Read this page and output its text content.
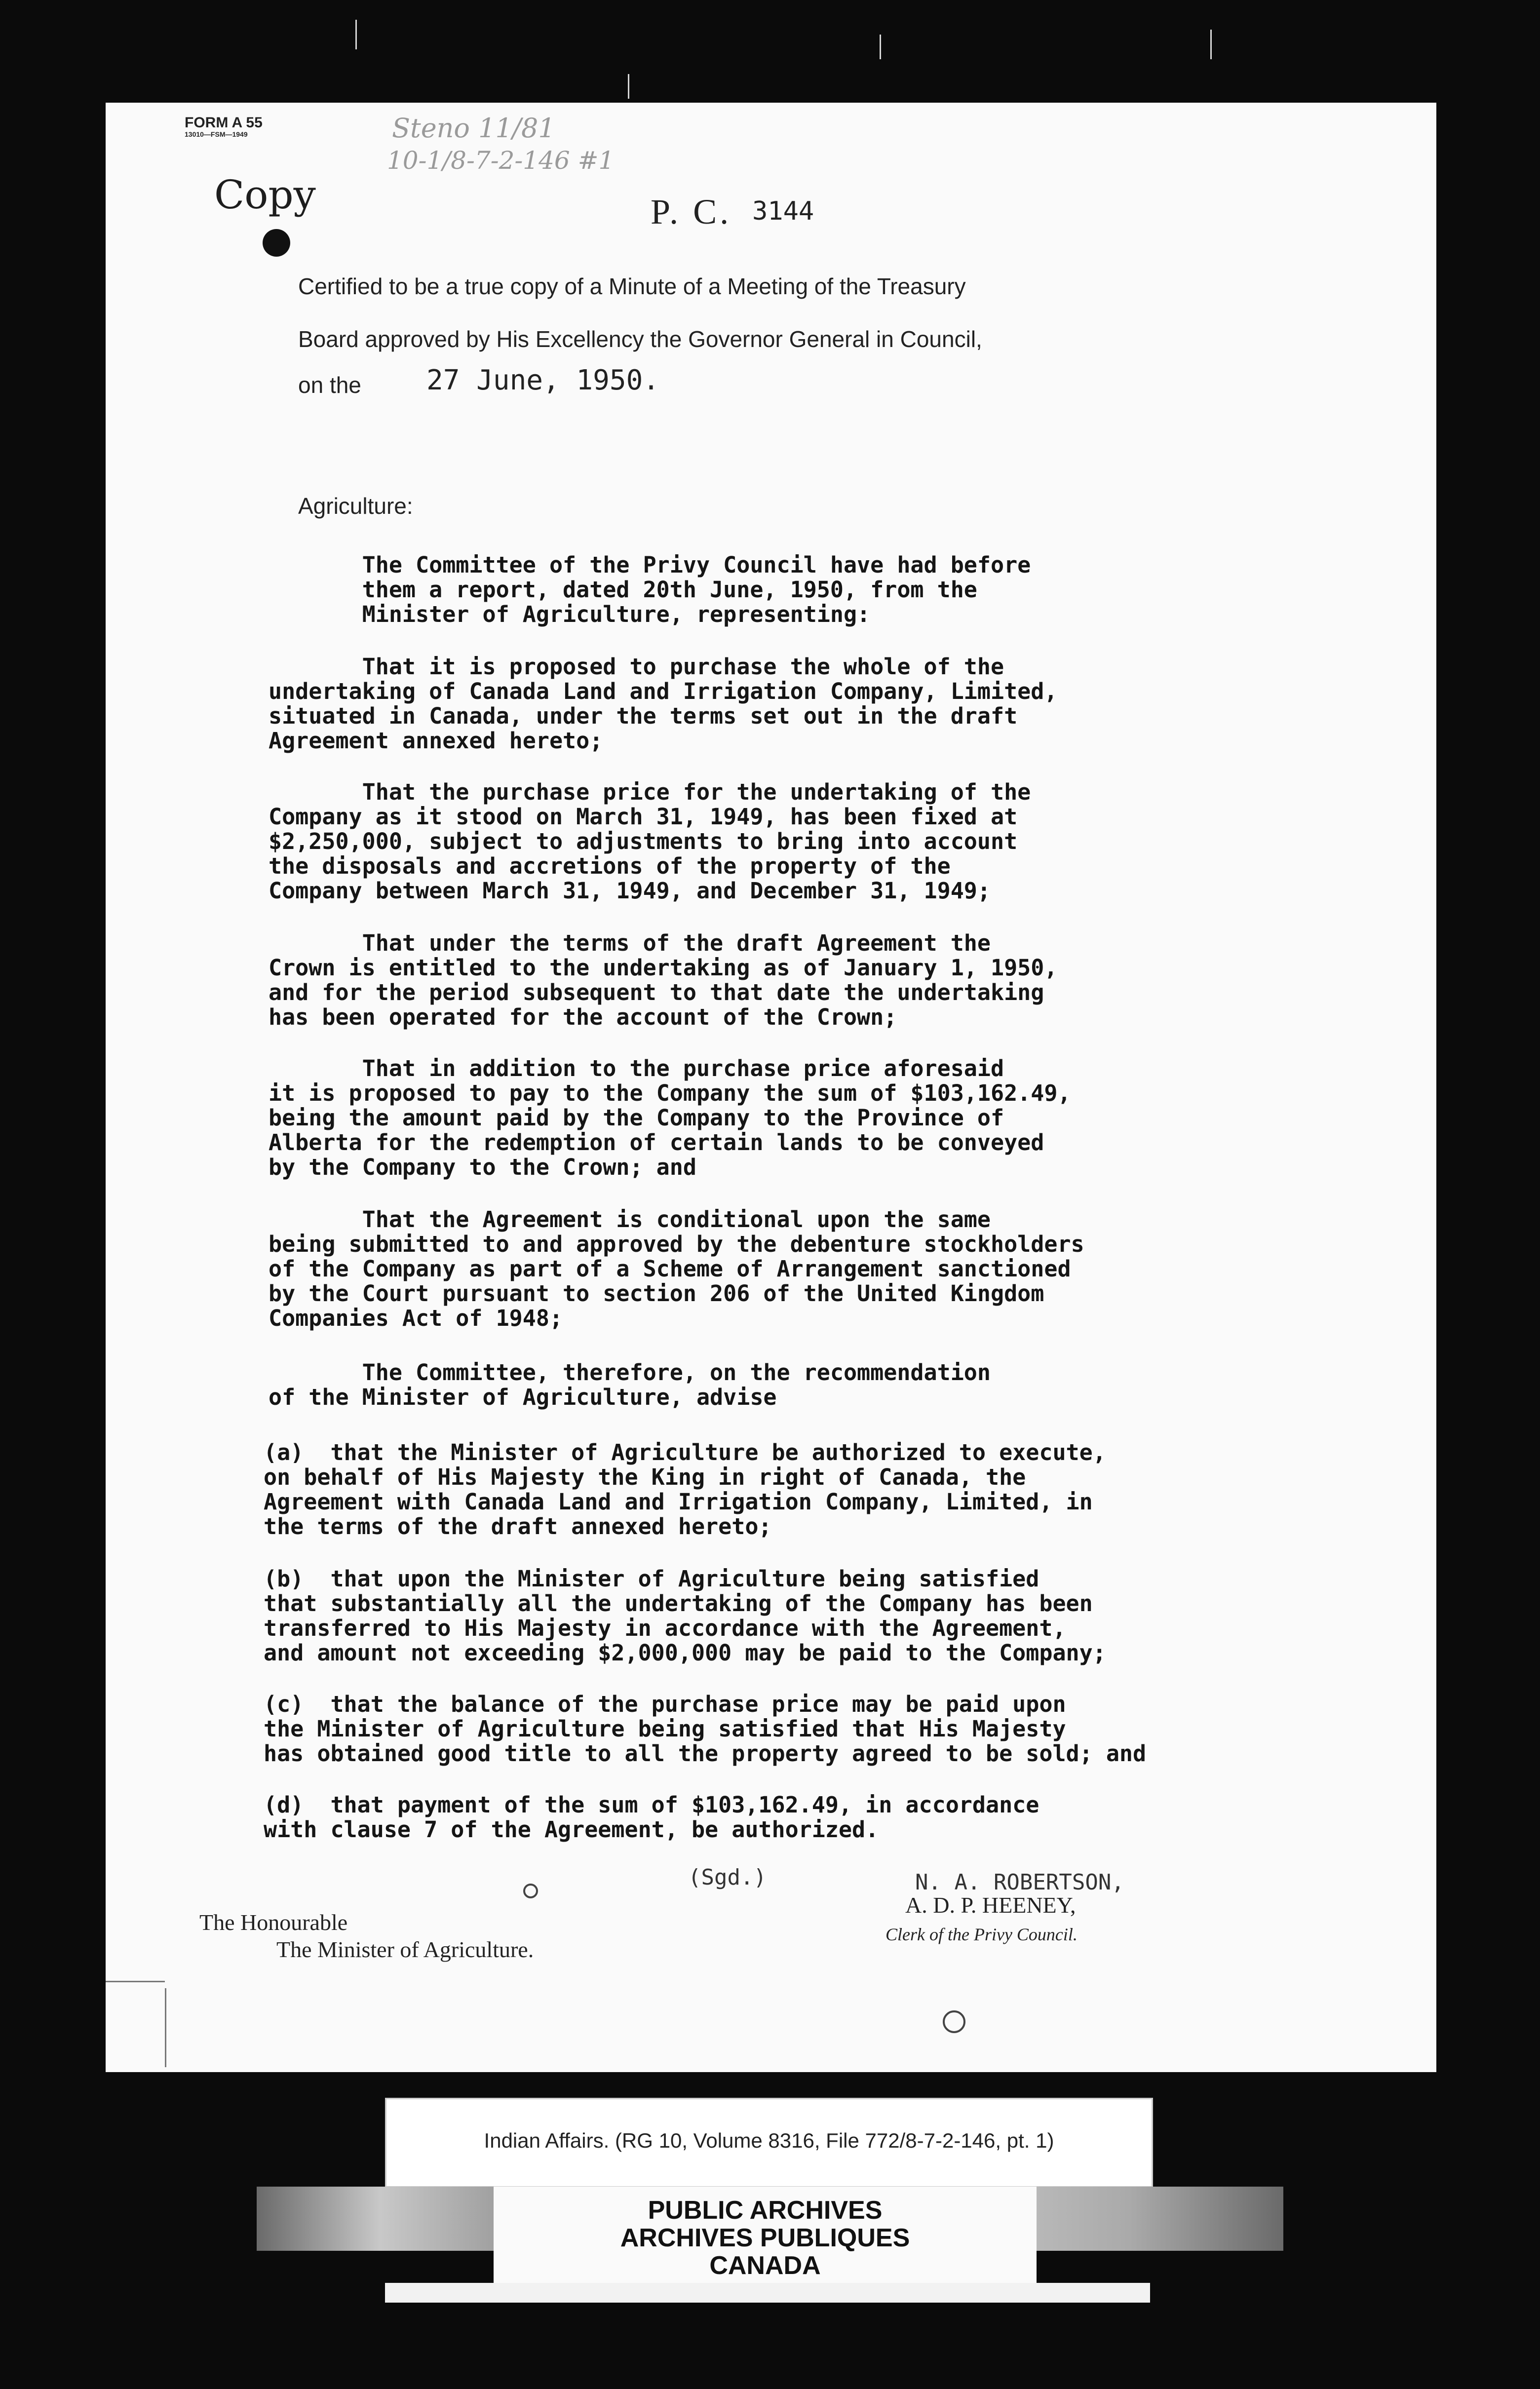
FORM A 55
13010—FSM—1949	Steno 11/81
10-1/8-7-2-146 #1
Copy	P. C. 3144
Certified to be a true copy of a Minute of a Meeting of the Treasury
Board approved by His Excellency the Governor General in Council,
on the 27 June, 1950.
Agriculture:
The Committee of the Privy Council have had before
them a report, dated 20th June, 1950, from the
Minister of Agriculture, representing:
That it is proposed to purchase the whole of the
undertaking of Canada Land and Irrigation Company, Limited,
situated in Canada, under the terms set out in the draft
Agreement annexed hereto;
That the purchase price for the undertaking of the
Company as it stood on March 31, 1949, has been fixed at
$2,250,000, subject to adjustments to bring into account
the disposals and accretions of the property of the
Company between March 31, 1949, and December 31, 1949;
That under the terms of the draft Agreement the
Crown is entitled to the undertaking as of January 1, 1950,
and for the period subsequent to that date the undertaking
has been operated for the account of the Crown;
That in addition to the purchase price aforesaid
it is proposed to pay to the Company the sum of $103,162.49,
being the amount paid by the Company to the Province of
Alberta for the redemption of certain lands to be conveyed
by the Company to the Crown; and
That the Agreement is conditional upon the same
being submitted to and approved by the debenture stockholders
of the Company as part of a Scheme of Arrangement sanctioned
by the Court pursuant to section 206 of the United Kingdom
Companies Act of 1948;
The Committee, therefore, on the recommendation
of the Minister of Agriculture, advise
(a)  that the Minister of Agriculture be authorized to execute,
on behalf of His Majesty the King in right of Canada, the
Agreement with Canada Land and Irrigation Company, Limited, in
the terms of the draft annexed hereto;
(b)  that upon the Minister of Agriculture being satisfied
that substantially all the undertaking of the Company has been
transferred to His Majesty in accordance with the Agreement,
and amount not exceeding $2,000,000 may be paid to the Company;
(c)  that the balance of the purchase price may be paid upon
the Minister of Agriculture being satisfied that His Majesty
has obtained good title to all the property agreed to be sold; and
(d)  that payment of the sum of $103,162.49, in accordance
with clause 7 of the Agreement, be authorized.
(Sgd.)	N. A. ROBERTSON,
A. D. P. HEENEY,
Clerk of the Privy Council.
The Honourable
The Minister of Agriculture.
Indian Affairs. (RG 10, Volume 8316, File 772/8-7-2-146, pt. 1)
PUBLIC ARCHIVES
ARCHIVES PUBLIQUES
CANADA
